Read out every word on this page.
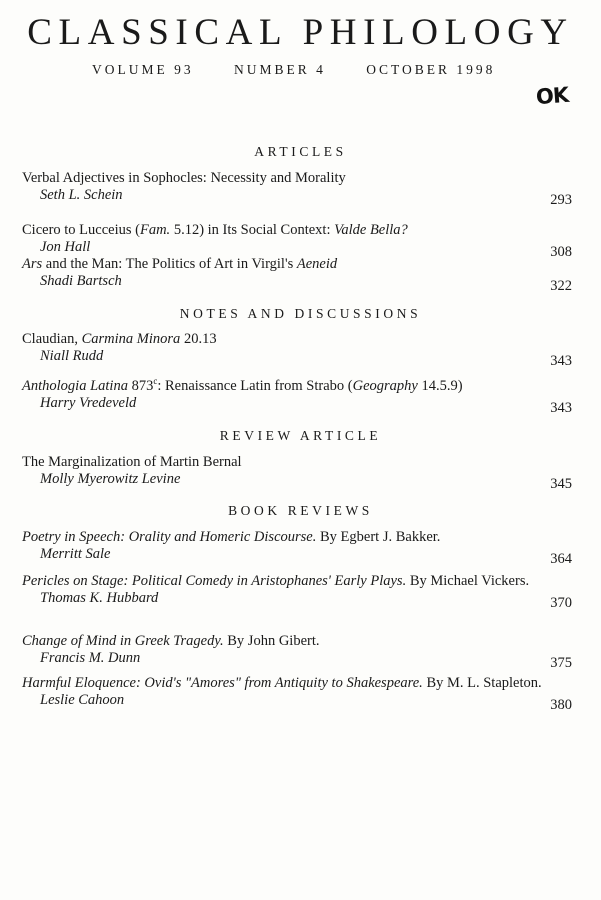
CLASSICAL PHILOLOGY
VOLUME 93	NUMBER 4	OCTOBER 1998
OK
ARTICLES
Verbal Adjectives in Sophocles: Necessity and Morality
Seth L. Schein	293
Cicero to Lucceius (Fam. 5.12) in Its Social Context: Valde Bella?
Jon Hall	308
Ars and the Man: The Politics of Art in Virgil's Aeneid
Shadi Bartsch	322
NOTES AND DISCUSSIONS
Claudian, Carmina Minora 20.13
Niall Rudd	343
Anthologia Latina 873$^c$: Renaissance Latin from Strabo (Geography 14.5.9)
Harry Vredeveld	343
REVIEW ARTICLE
The Marginalization of Martin Bernal
Molly Myerowitz Levine	345
BOOK REVIEWS
Poetry in Speech: Orality and Homeric Discourse. By Egbert J. Bakker.
Merritt Sale	364
Pericles on Stage: Political Comedy in Aristophanes' Early Plays. By Michael Vickers.
Thomas K. Hubbard	370
Change of Mind in Greek Tragedy. By John Gibert.
Francis M. Dunn	375
Harmful Eloquence: Ovid's "Amores" from Antiquity to Shakespeare. By M. L. Stapleton.
Leslie Cahoon	380
